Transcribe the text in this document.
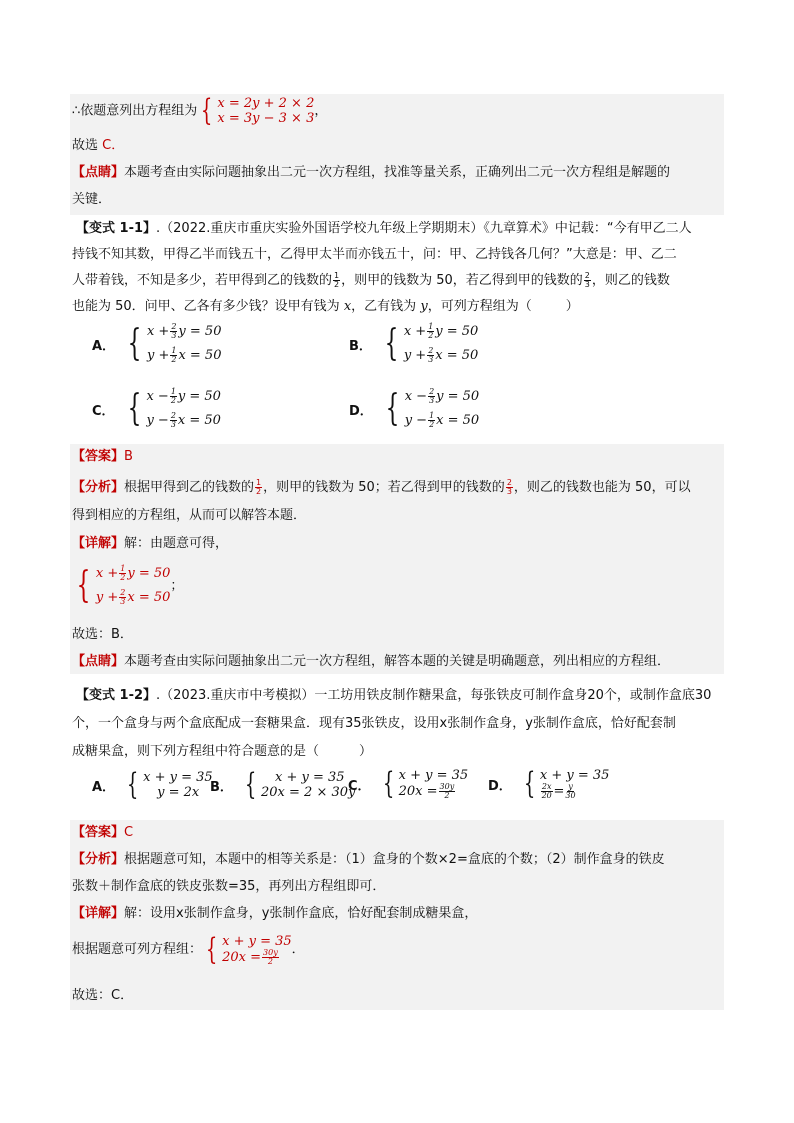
∴依题意列出方程组为 { x = 2y + 2 × 2
x = 3y − 3 × 3 ，
故选 C．
【点睛】本题考查由实际问题抽象出二元一次方程组，找准等量关系，正确列出二元一次方程组是解题的
关键．
【变式 1-1】.（2022.重庆市重庆实验外国语学校九年级上学期期末）《九章算术》中记载：“今有甲乙二人
持钱不知其数，甲得乙半而钱五十，乙得甲太半而亦钱五十，问：甲、乙持钱各几何？”大意是：甲、乙二
人带着钱，不知是多少，若甲得到乙的钱数的 $\frac{1}{2}$ ，则甲的钱数为 50，若乙得到甲的钱数的 $\frac{2}{3}$ ，则乙的钱数
也能为 50．问甲、乙各有多少钱？设甲有钱为 x，乙有钱为 y，可列方程组为（	）
A． { $x + \frac{2}{3}$ y = 50
$y + \frac{1}{2}$ x = 50
B． { $x + \frac{1}{2}$ y = 50
$y + \frac{2}{3}$ x = 50
C． { $x - \frac{1}{2}$ y = 50
$y - \frac{2}{3}$ x = 50
D． { $x - \frac{2}{3}$ y = 50
$y - \frac{1}{2}$ x = 50
【答案】B
【分析】根据甲得到乙的钱数的 $\frac{1}{2}$ ，则甲的钱数为 50；若乙得到甲的钱数的 $\frac{2}{3}$ ，则乙的钱数也能为 50，可以
得到相应的方程组，从而可以解答本题．
【详解】解：由题意可得，
{ $x + \frac{1}{2}$ y = 50
$y + \frac{2}{3}$ x = 50
；
故选：B．
【点睛】本题考查由实际问题抽象出二元一次方程组，解答本题的关键是明确题意，列出相应的方程组．
【变式 1-2】.（2023.重庆市中考模拟）一工坊用铁皮制作糖果盒，每张铁皮可制作盒身20个，或制作盒底30
个，一个盒身与两个盒底配成一套糖果盒．现有35张铁皮，设用x张制作盒身，y张制作盒底，恰好配套制
成糖果盒，则下列方程组中符合题意的是（	）
A． { x + y = 35
y = 2x B． {	x + y = 35
20x = 2 × 30y
C． { x + y = 35
$20x = \frac{30y}{2}$	D． { x + y = 35
$\frac{2x}{20} = \frac{y}{30}$
【答案】C
【分析】根据题意可知，本题中的相等关系是：（1）盒身的个数×2=盒底的个数；（2）制作盒身的铁皮
张数＋制作盒底的铁皮张数=35，再列出方程组即可．
【详解】解：设用x张制作盒身，y张制作盒底，恰好配套制成糖果盒，
根据题意可列方程组： { x + y = 35
$20x = \frac{30y}{2}$ ．
故选：C．
